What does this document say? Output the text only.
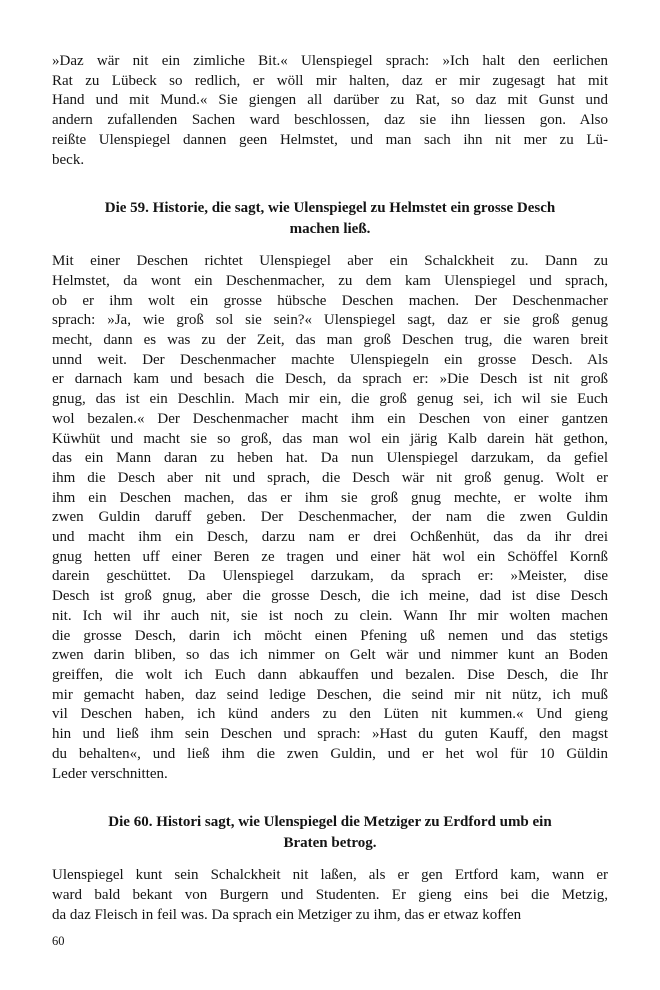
»Daz wär nit ein zimliche Bit.« Ulenspiegel sprach: »Ich halt den eerlichen
Rat zu Lübeck so redlich, er wöll mir halten, daz er mir zugesagt hat mit
Hand und mit Mund.« Sie giengen all darüber zu Rat, so daz mit Gunst und
andern zufallenden Sachen ward beschlossen, daz sie ihn liessen gon. Also
reißte Ulenspiegel dannen geen Helmstet, und man sach ihn nit mer zu Lü-
beck.
Die 59. Historie, die sagt, wie Ulenspiegel zu Helmstet ein grosse Desch
machen ließ.
Mit einer Deschen richtet Ulenspiegel aber ein Schalckheit zu. Dann zu
Helmstet, da wont ein Deschenmacher, zu dem kam Ulenspiegel und sprach,
ob er ihm wolt ein grosse hübsche Deschen machen. Der Deschenmacher
sprach: »Ja, wie groß sol sie sein?« Ulenspiegel sagt, daz er sie groß genug
mecht, dann es was zu der Zeit, das man groß Deschen trug, die waren breit
unnd weit. Der Deschenmacher machte Ulenspiegeln ein grosse Desch. Als
er darnach kam und besach die Desch, da sprach er: »Die Desch ist nit groß
gnug, das ist ein Deschlin. Mach mir ein, die groß genug sei, ich wil sie Euch
wol bezalen.« Der Deschenmacher macht ihm ein Deschen von einer gantzen
Küwhüt und macht sie so groß, das man wol ein järig Kalb darein hät gethon,
das ein Mann daran zu heben hat. Da nun Ulenspiegel darzukam, da gefiel
ihm die Desch aber nit und sprach, die Desch wär nit groß genug. Wolt er
ihm ein Deschen machen, das er ihm sie groß gnug mechte, er wolte ihm
zwen Guldin daruff geben. Der Deschenmacher, der nam die zwen Guldin
und macht ihm ein Desch, darzu nam er drei Ochßenhüt, das da ihr drei
gnug hetten uff einer Beren ze tragen und einer hät wol ein Schöffel Kornß
darein geschüttet. Da Ulenspiegel darzukam, da sprach er: »Meister, dise
Desch ist groß gnug, aber die grosse Desch, die ich meine, dad ist dise Desch
nit. Ich wil ihr auch nit, sie ist noch zu clein. Wann Ihr mir wolten machen
die grosse Desch, darin ich möcht einen Pfening uß nemen und das stetigs
zwen darin bliben, so das ich nimmer on Gelt wär und nimmer kunt an Boden
greiffen, die wolt ich Euch dann abkauffen und bezalen. Dise Desch, die Ihr
mir gemacht haben, daz seind ledige Deschen, die seind mir nit nütz, ich muß
vil Deschen haben, ich künd anders zu den Lüten nit kummen.« Und gieng
hin und ließ ihm sein Deschen und sprach: »Hast du guten Kauff, den magst
du behalten«, und ließ ihm die zwen Guldin, und er het wol für 10 Güldin
Leder verschnitten.
Die 60. Histori sagt, wie Ulenspiegel die Metziger zu Erdford umb ein
Braten betrog.
Ulenspiegel kunt sein Schalckheit nit laßen, als er gen Ertford kam, wann er
ward bald bekant von Burgern und Studenten. Er gieng eins bei die Metzig,
da daz Fleisch in feil was. Da sprach ein Metziger zu ihm, das er etwaz koffen
60
